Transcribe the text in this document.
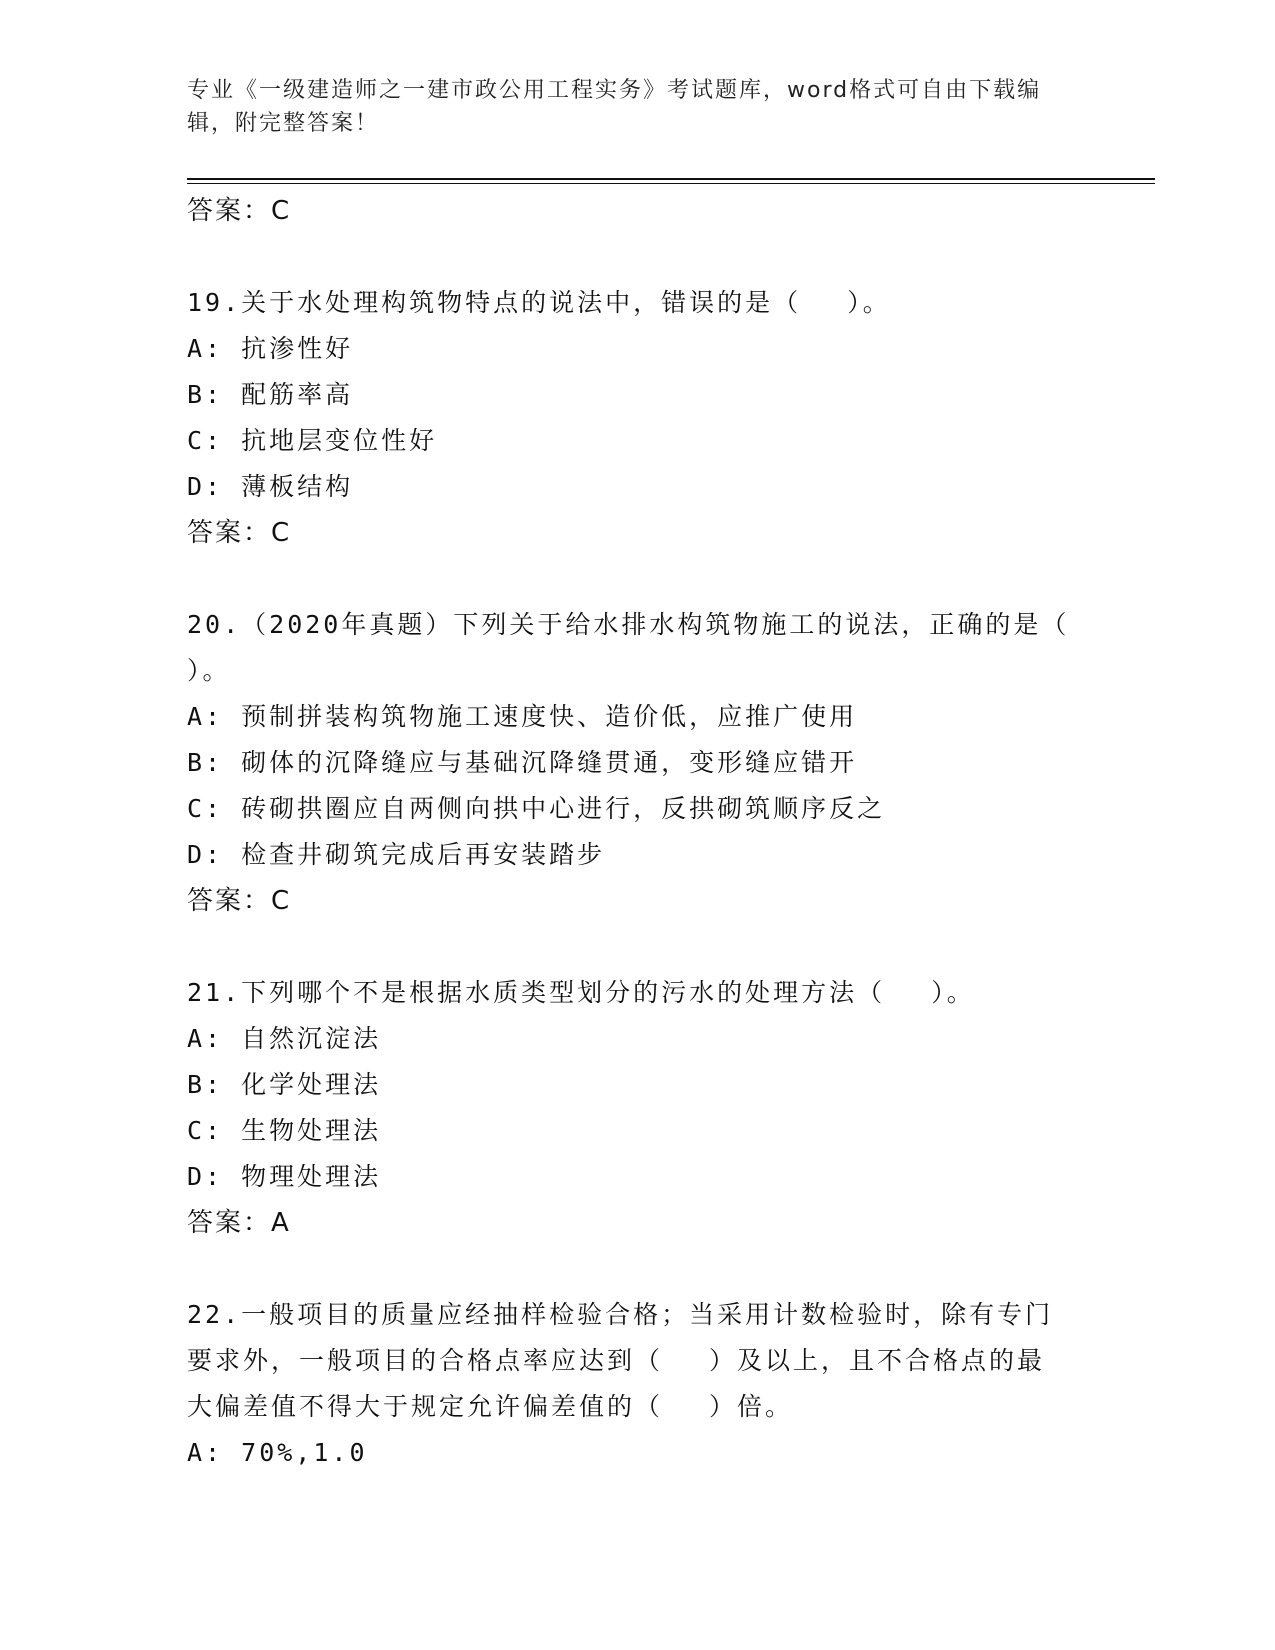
专业《一级建造师之一建市政公用工程实务》考试题库，word格式可自由下载编
辑，附完整答案！
答案：C
19.关于水处理构筑物特点的说法中，错误的是（　 ）。
A: 抗渗性好
B: 配筋率高
C: 抗地层变位性好
D: 薄板结构
答案：C
20.（2020年真题）下列关于给水排水构筑物施工的说法，正确的是（
）。
A: 预制拼装构筑物施工速度快、造价低，应推广使用
B: 砌体的沉降缝应与基础沉降缝贯通，变形缝应错开
C: 砖砌拱圈应自两侧向拱中心进行，反拱砌筑顺序反之
D: 检查井砌筑完成后再安装踏步
答案：C
21.下列哪个不是根据水质类型划分的污水的处理方法（　 ）。
A: 自然沉淀法
B: 化学处理法
C: 生物处理法
D: 物理处理法
答案：A
22.一般项目的质量应经抽样检验合格；当采用计数检验时，除有专门
要求外，一般项目的合格点率应达到（　 ）及以上，且不合格点的最
大偏差值不得大于规定允许偏差值的（　 ）倍。
A: 70%,1.0
